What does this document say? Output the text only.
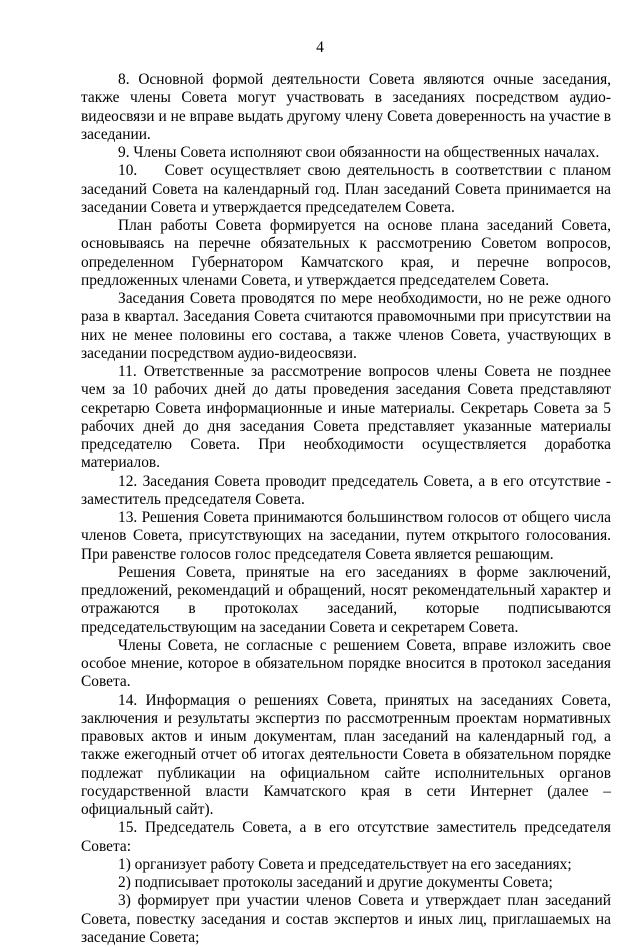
4

8. Основной формой деятельности Совета являются очные заседания, также члены Совета могут участвовать в заседаниях посредством аудио-видеосвязи и не вправе выдать другому члену Совета доверенность на участие в заседании.

9. Члены Совета исполняют свои обязанности на общественных началах.

10.    Совет осуществляет свою деятельность в соответствии с планом заседаний Совета на календарный год. План заседаний Совета принимается на заседании Совета и утверждается председателем Совета.

План работы Совета формируется на основе плана заседаний Совета, основываясь на перечне обязательных к рассмотрению Советом вопросов, определенном Губернатором Камчатского края, и перечне вопросов, предложенных членами Совета, и утверждается председателем Совета.

Заседания Совета проводятся по мере необходимости, но не реже одного раза в квартал. Заседания Совета считаются правомочными при присутствии на них не менее половины его состава, а также членов Совета, участвующих в заседании посредством аудио-видеосвязи.

11. Ответственные за рассмотрение вопросов члены Совета не позднее чем за 10 рабочих дней до даты проведения заседания Совета представляют секретарю Совета информационные и иные материалы. Секретарь Совета за 5 рабочих дней до дня заседания Совета представляет указанные материалы председателю Совета. При необходимости осуществляется доработка материалов.

12. Заседания Совета проводит председатель Совета, а в его отсутствие - заместитель председателя Совета.

13. Решения Совета принимаются большинством голосов от общего числа членов Совета, присутствующих на заседании, путем открытого голосования. При равенстве голосов голос председателя Совета является решающим.

Решения Совета, принятые на его заседаниях в форме заключений, предложений, рекомендаций и обращений, носят рекомендательный характер и отражаются в протоколах заседаний, которые подписываются председательствующим на заседании Совета и секретарем Совета.

Члены Совета, не согласные с решением Совета, вправе изложить свое особое мнение, которое в обязательном порядке вносится в протокол заседания Совета.

14. Информация о решениях Совета, принятых на заседаниях Совета, заключения и результаты экспертиз по рассмотренным проектам нормативных правовых актов и иным документам, план заседаний на календарный год, а также ежегодный отчет об итогах деятельности Совета в обязательном порядке подлежат публикации на официальном сайте исполнительных органов государственной власти Камчатского края в сети Интернет (далее – официальный сайт).

15. Председатель Совета, а в его отсутствие заместитель председателя Совета:

1) организует работу Совета и председательствует на его заседаниях;

2) подписывает протоколы заседаний и другие документы Совета;

3) формирует при участии членов Совета и утверждает план заседаний Совета, повестку заседания и состав экспертов и иных лиц, приглашаемых на заседание Совета;
